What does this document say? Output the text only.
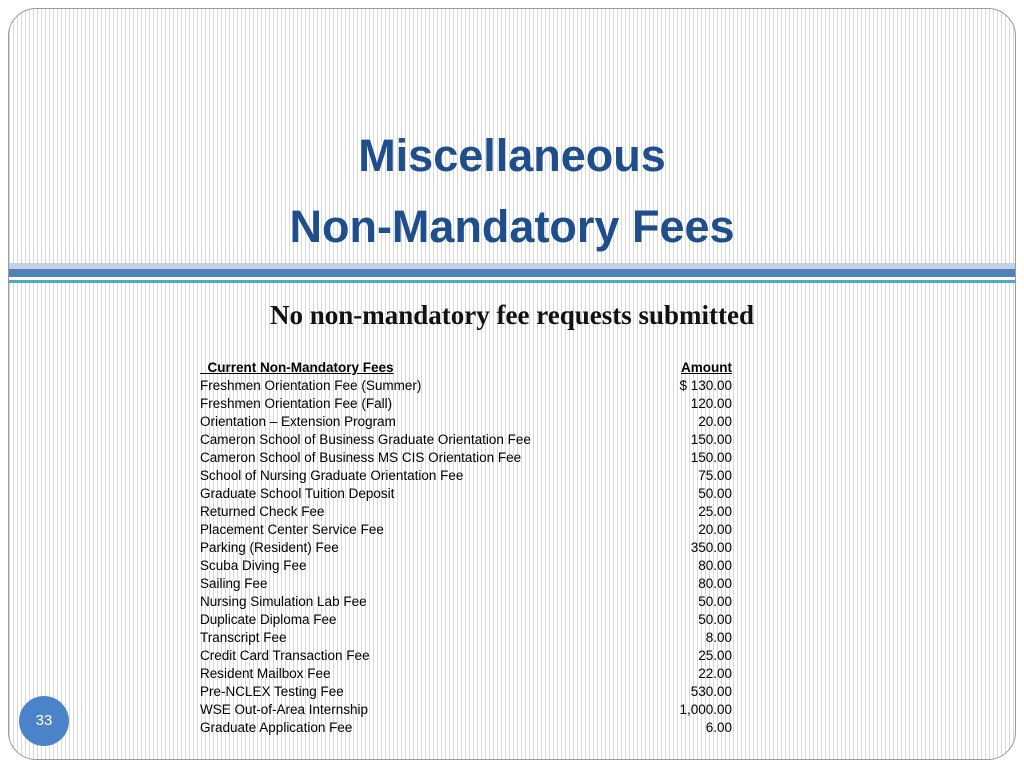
Miscellaneous
Non-Mandatory Fees
No non-mandatory fee requests submitted
Current Non-Mandatory Fees	Amount
Freshmen Orientation Fee (Summer)	$ 130.00
Freshmen Orientation Fee (Fall)	120.00
Orientation – Extension Program	20.00
Cameron School of Business Graduate Orientation Fee	150.00
Cameron School of Business MS CIS Orientation Fee	150.00
School of Nursing Graduate Orientation Fee	75.00
Graduate School Tuition Deposit	50.00
Returned Check Fee	25.00
Placement Center Service Fee	20.00
Parking (Resident) Fee	350.00
Scuba Diving Fee	80.00
Sailing Fee	80.00
Nursing Simulation Lab Fee	50.00
Duplicate Diploma Fee	50.00
Transcript Fee	8.00
Credit Card Transaction Fee	25.00
Resident Mailbox Fee	22.00
Pre-NCLEX Testing Fee	530.00
WSE Out-of-Area Internship	1,000.00
Graduate Application Fee	6.00
33
